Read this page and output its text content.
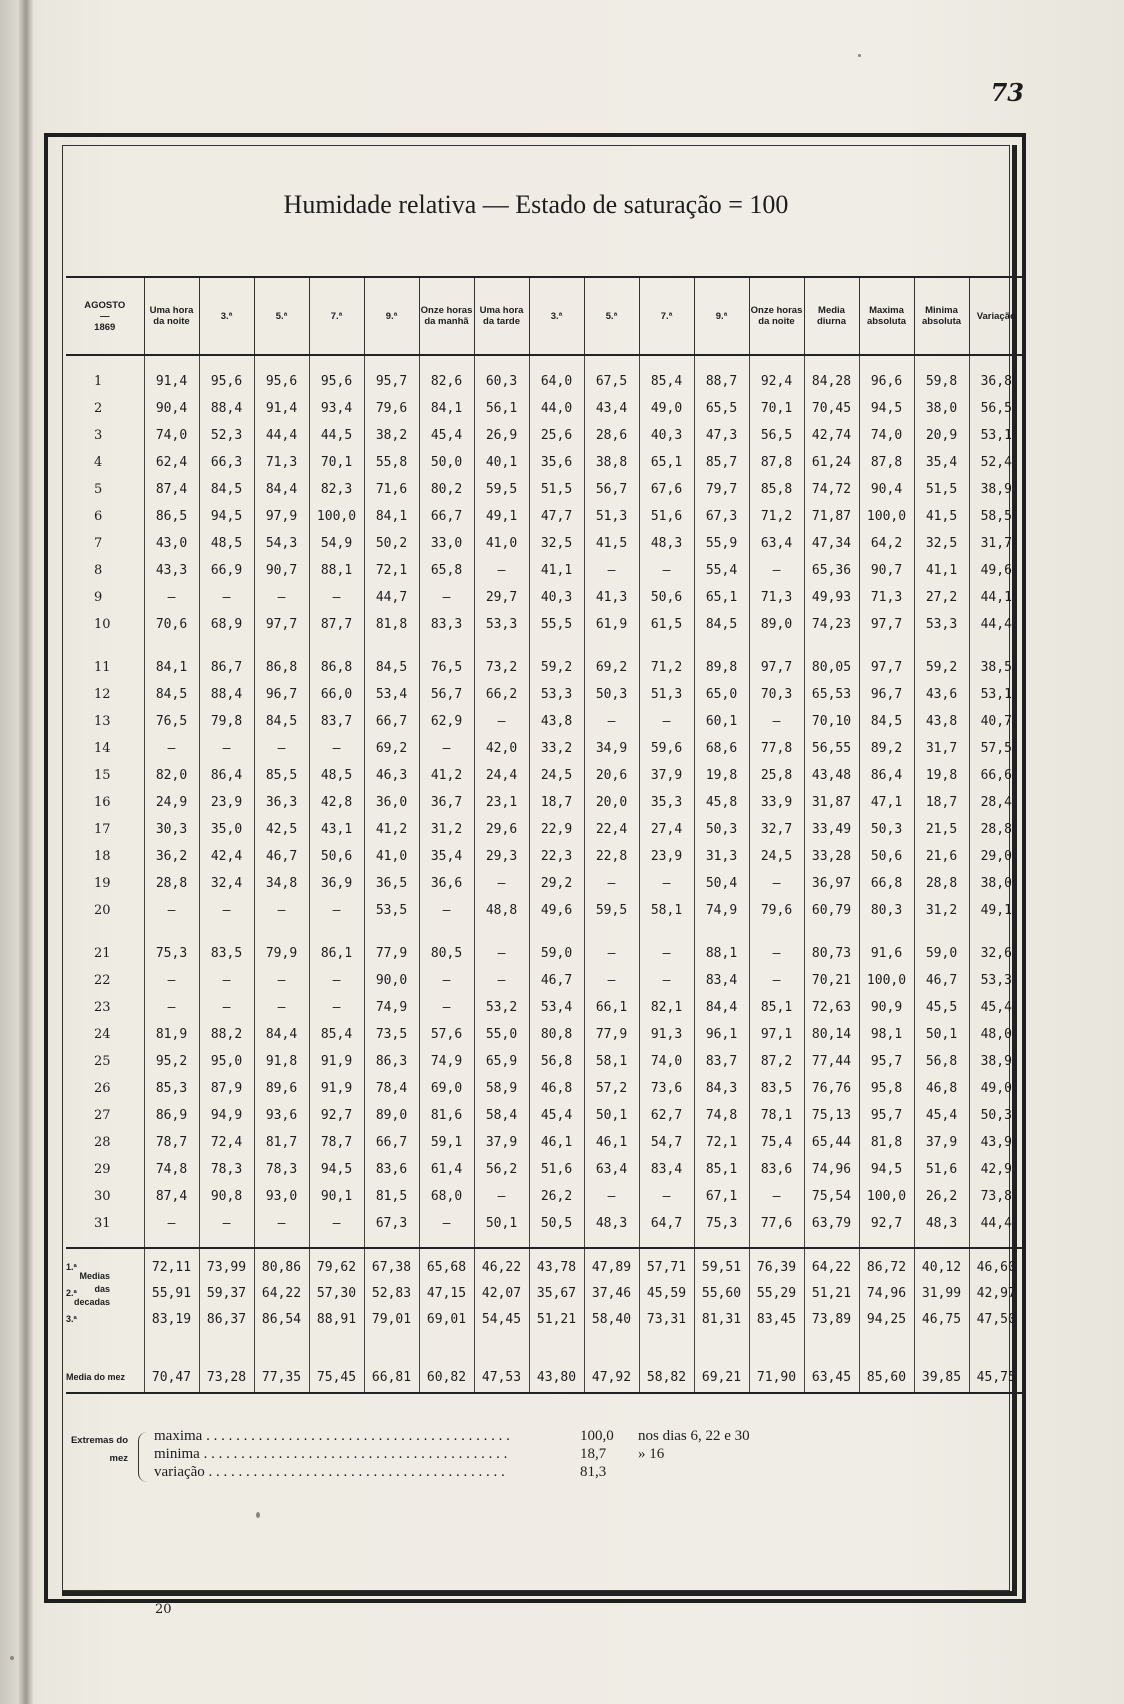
73
Humidade relativa — Estado de saturação = 100
AGOSTO
—
1869	Uma hora da noite	3.ª	5.ª	7.ª	9.ª	Onze horas da manhã	Uma hora da tarde	3.ª	5.ª	7.ª	9.ª	Onze horas da noite	Media diurna	Maxima absoluta	Minima absoluta	Variação

1	91,4	95,6	95,6	95,6	95,7	82,6	60,3	64,0	67,5	85,4	88,7	92,4	84,28	96,6	59,8	36,8
2	90,4	88,4	91,4	93,4	79,6	84,1	56,1	44,0	43,4	49,0	65,5	70,1	70,45	94,5	38,0	56,5
3	74,0	52,3	44,4	44,5	38,2	45,4	26,9	25,6	28,6	40,3	47,3	56,5	42,74	74,0	20,9	53,1
4	62,4	66,3	71,3	70,1	55,8	50,0	40,1	35,6	38,8	65,1	85,7	87,8	61,24	87,8	35,4	52,4
5	87,4	84,5	84,4	82,3	71,6	80,2	59,5	51,5	56,7	67,6	79,7	85,8	74,72	90,4	51,5	38,9
6	86,5	94,5	97,9	100,0	84,1	66,7	49,1	47,7	51,3	51,6	67,3	71,2	71,87	100,0	41,5	58,5
7	43,0	48,5	54,3	54,9	50,2	33,0	41,0	32,5	41,5	48,3	55,9	63,4	47,34	64,2	32,5	31,7
8	43,3	66,9	90,7	88,1	72,1	65,8	—	41,1	—	—	55,4	—	65,36	90,7	41,1	49,6
9	—	—	—	—	44,7	—	29,7	40,3	41,3	50,6	65,1	71,3	49,93	71,3	27,2	44,1
10	70,6	68,9	97,7	87,7	81,8	83,3	53,3	55,5	61,9	61,5	84,5	89,0	74,23	97,7	53,3	44,4

11	84,1	86,7	86,8	86,8	84,5	76,5	73,2	59,2	69,2	71,2	89,8	97,7	80,05	97,7	59,2	38,5
12	84,5	88,4	96,7	66,0	53,4	56,7	66,2	53,3	50,3	51,3	65,0	70,3	65,53	96,7	43,6	53,1
13	76,5	79,8	84,5	83,7	66,7	62,9	—	43,8	—	—	60,1	—	70,10	84,5	43,8	40,7
14	—	—	—	—	69,2	—	42,0	33,2	34,9	59,6	68,6	77,8	56,55	89,2	31,7	57,5
15	82,0	86,4	85,5	48,5	46,3	41,2	24,4	24,5	20,6	37,9	19,8	25,8	43,48	86,4	19,8	66,6
16	24,9	23,9	36,3	42,8	36,0	36,7	23,1	18,7	20,0	35,3	45,8	33,9	31,87	47,1	18,7	28,4
17	30,3	35,0	42,5	43,1	41,2	31,2	29,6	22,9	22,4	27,4	50,3	32,7	33,49	50,3	21,5	28,8
18	36,2	42,4	46,7	50,6	41,0	35,4	29,3	22,3	22,8	23,9	31,3	24,5	33,28	50,6	21,6	29,0
19	28,8	32,4	34,8	36,9	36,5	36,6	—	29,2	—	—	50,4	—	36,97	66,8	28,8	38,0
20	—	—	—	—	53,5	—	48,8	49,6	59,5	58,1	74,9	79,6	60,79	80,3	31,2	49,1

21	75,3	83,5	79,9	86,1	77,9	80,5	—	59,0	—	—	88,1	—	80,73	91,6	59,0	32,6
22	—	—	—	—	90,0	—	—	46,7	—	—	83,4	—	70,21	100,0	46,7	53,3
23	—	—	—	—	74,9	—	53,2	53,4	66,1	82,1	84,4	85,1	72,63	90,9	45,5	45,4
24	81,9	88,2	84,4	85,4	73,5	57,6	55,0	80,8	77,9	91,3	96,1	97,1	80,14	98,1	50,1	48,0
25	95,2	95,0	91,8	91,9	86,3	74,9	65,9	56,8	58,1	74,0	83,7	87,2	77,44	95,7	56,8	38,9
26	85,3	87,9	89,6	91,9	78,4	69,0	58,9	46,8	57,2	73,6	84,3	83,5	76,76	95,8	46,8	49,0
27	86,9	94,9	93,6	92,7	89,0	81,6	58,4	45,4	50,1	62,7	74,8	78,1	75,13	95,7	45,4	50,3
28	78,7	72,4	81,7	78,7	66,7	59,1	37,9	46,1	46,1	54,7	72,1	75,4	65,44	81,8	37,9	43,9
29	74,8	78,3	78,3	94,5	83,6	61,4	56,2	51,6	63,4	83,4	85,1	83,6	74,96	94,5	51,6	42,9
30	87,4	90,8	93,0	90,1	81,5	68,0	—	26,2	—	—	67,1	—	75,54	100,0	26,2	73,8
31	—	—	—	—	67,3	—	50,1	50,5	48,3	64,7	75,3	77,6	63,79	92,7	48,3	44,4

1.ª	72,11	73,99	80,86	79,62	67,38	65,68	46,22	43,78	47,89	57,71	59,51	76,39	64,22	86,72	40,12	46,60
2.ª	55,91	59,37	64,22	57,30	52,83	47,15	42,07	35,67	37,46	45,59	55,60	55,29	51,21	74,96	31,99	42,97
3.ª	83,19	86,37	86,54	88,91	79,01	69,01	54,45	51,21	58,40	73,31	81,31	83,45	73,89	94,25	46,75	47,50

Media do mez	70,47	73,28	77,35	75,45	66,81	60,82	47,53	43,80	47,92	58,82	69,21	71,90	63,45	85,60	39,85	45,75
Extremas do mez
maxima . . . . . . . . . . . . . . . . . . . . . . . . . . . . . . . . . . . . . . . . .	100,0 nos dias 6, 22 e 30
minima . . . . . . . . . . . . . . . . . . . . . . . . . . . . . . . . . . . . . . . . .	18,7 » 16
variação . . . . . . . . . . . . . . . . . . . . . . . . . . . . . . . . . . . . . . . .	81,3
20
Medias das decadas
